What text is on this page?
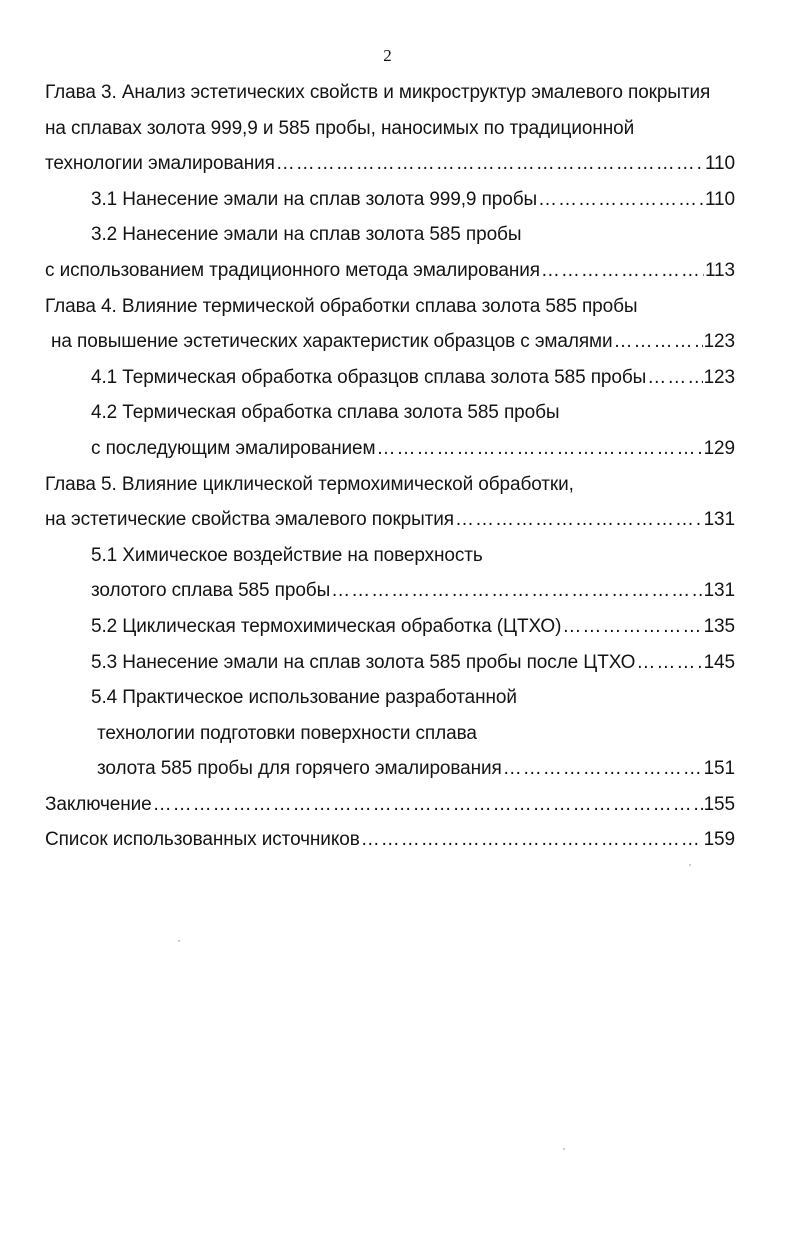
2
Глава 3. Анализ эстетических свойств и микроструктур эмалевого покрытия
на сплавах золота 999,9 и 585 пробы, наносимых по традиционной
технологии эмалирования ………………………………………………………………………………………………………………………………………………………………	110
3.1 Нанесение эмали на сплав золота 999,9 пробы ………………………………………………………………………………………………………………………………………………………………	110
3.2 Нанесение эмали на сплав золота 585 пробы
с использованием традиционного метода эмалирования ………………………………………………………………………………………………………………………………………………………………	113
Глава 4. Влияние термической обработки сплава золота 585 пробы
на повышение эстетических характеристик образцов с эмалями ………………………………………………………………………………………………………………………………………………………………	123
4.1 Термическая обработка образцов сплава золота 585 пробы ………………………………………………………………………………………………………………………………………………………………	123
4.2 Термическая обработка сплава золота 585 пробы
с последующим эмалированием ………………………………………………………………………………………………………………………………………………………………	129
Глава 5. Влияние циклической термохимической обработки,
на эстетические свойства эмалевого покрытия ………………………………………………………………………………………………………………………………………………………………	131
5.1 Химическое воздействие на поверхность
золотого сплава 585 пробы ………………………………………………………………………………………………………………………………………………………………	131
5.2 Циклическая термохимическая обработка (ЦТХО) ………………………………………………………………………………………………………………………………………………………………	135
5.3 Нанесение эмали на сплав золота 585 пробы после ЦТХО ………………………………………………………………………………………………………………………………………………………………	145
5.4 Практическое использование разработанной
технологии подготовки поверхности сплава
золота 585 пробы для горячего эмалирования ………………………………………………………………………………………………………………………………………………………………	151
Заключение ………………………………………………………………………………………………………………………………………………………………	155
Список использованных источников ………………………………………………………………………………………………………………………………………………………………	159
